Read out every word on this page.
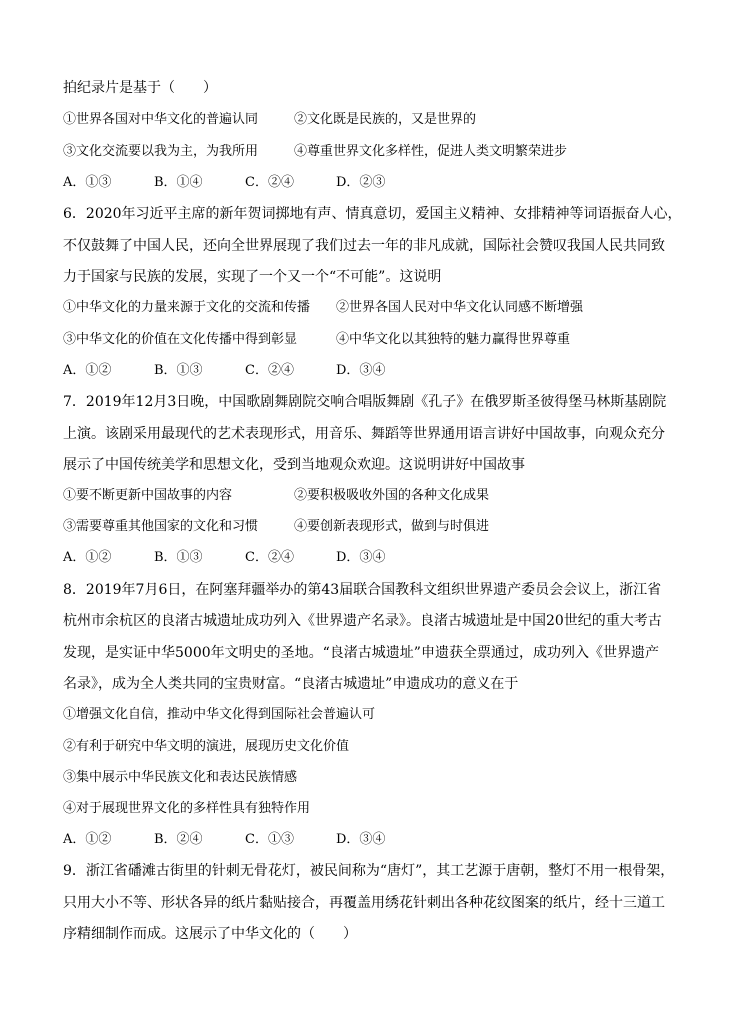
拍纪录片是基于（　　）
①世界各国对中华文化的普遍认同	②文化既是民族的，又是世界的
③文化交流要以我为主，为我所用	④尊重世界文化多样性，促进人类文明繁荣进步
A．①③	B．①④	C．②④	D．②③
6．2020年习近平主席的新年贺词掷地有声、情真意切，爱国主义精神、女排精神等词语振奋人心，
不仅鼓舞了中国人民，还向全世界展现了我们过去一年的非凡成就，国际社会赞叹我国人民共同致
力于国家与民族的发展，实现了一个又一个“不可能”。这说明
①中华文化的力量来源于文化的交流和传播 ②世界各国人民对中华文化认同感不断增强
③中华文化的价值在文化传播中得到彰显	④中华文化以其独特的魅力赢得世界尊重
A．①②	B．①③	C．②④	D．③④
7．2019年12月3日晚，中国歌剧舞剧院交响合唱版舞剧《孔子》在俄罗斯圣彼得堡马林斯基剧院
上演。该剧采用最现代的艺术表现形式，用音乐、舞蹈等世界通用语言讲好中国故事，向观众充分
展示了中国传统美学和思想文化，受到当地观众欢迎。这说明讲好中国故事
①要不断更新中国故事的内容	②要积极吸收外国的各种文化成果
③需要尊重其他国家的文化和习惯	④要创新表现形式，做到与时俱进
A．①②	B．①③	C．②④	D．③④
8．2019年7月6日，在阿塞拜疆举办的第43届联合国教科文组织世界遗产委员会会议上，浙江省
杭州市余杭区的良渚古城遗址成功列入《世界遗产名录》。良渚古城遗址是中国20世纪的重大考古
发现，是实证中华5000年文明史的圣地。“良渚古城遗址”申遗获全票通过，成功列入《世界遗产
名录》，成为全人类共同的宝贵财富。“良渚古城遗址”申遗成功的意义在于
①增强文化自信，推动中华文化得到国际社会普遍认可
②有利于研究中华文明的演进，展现历史文化价值
③集中展示中华民族文化和表达民族情感
④对于展现世界文化的多样性具有独特作用
A．①②	B．②④	C．①③	D．③④
9．浙江省磻滩古街里的针刺无骨花灯，被民间称为“唐灯”，其工艺源于唐朝，整灯不用一根骨架，
只用大小不等、形状各异的纸片黏贴接合，再覆盖用绣花针刺出各种花纹图案的纸片，经十三道工
序精细制作而成。这展示了中华文化的（　　）
